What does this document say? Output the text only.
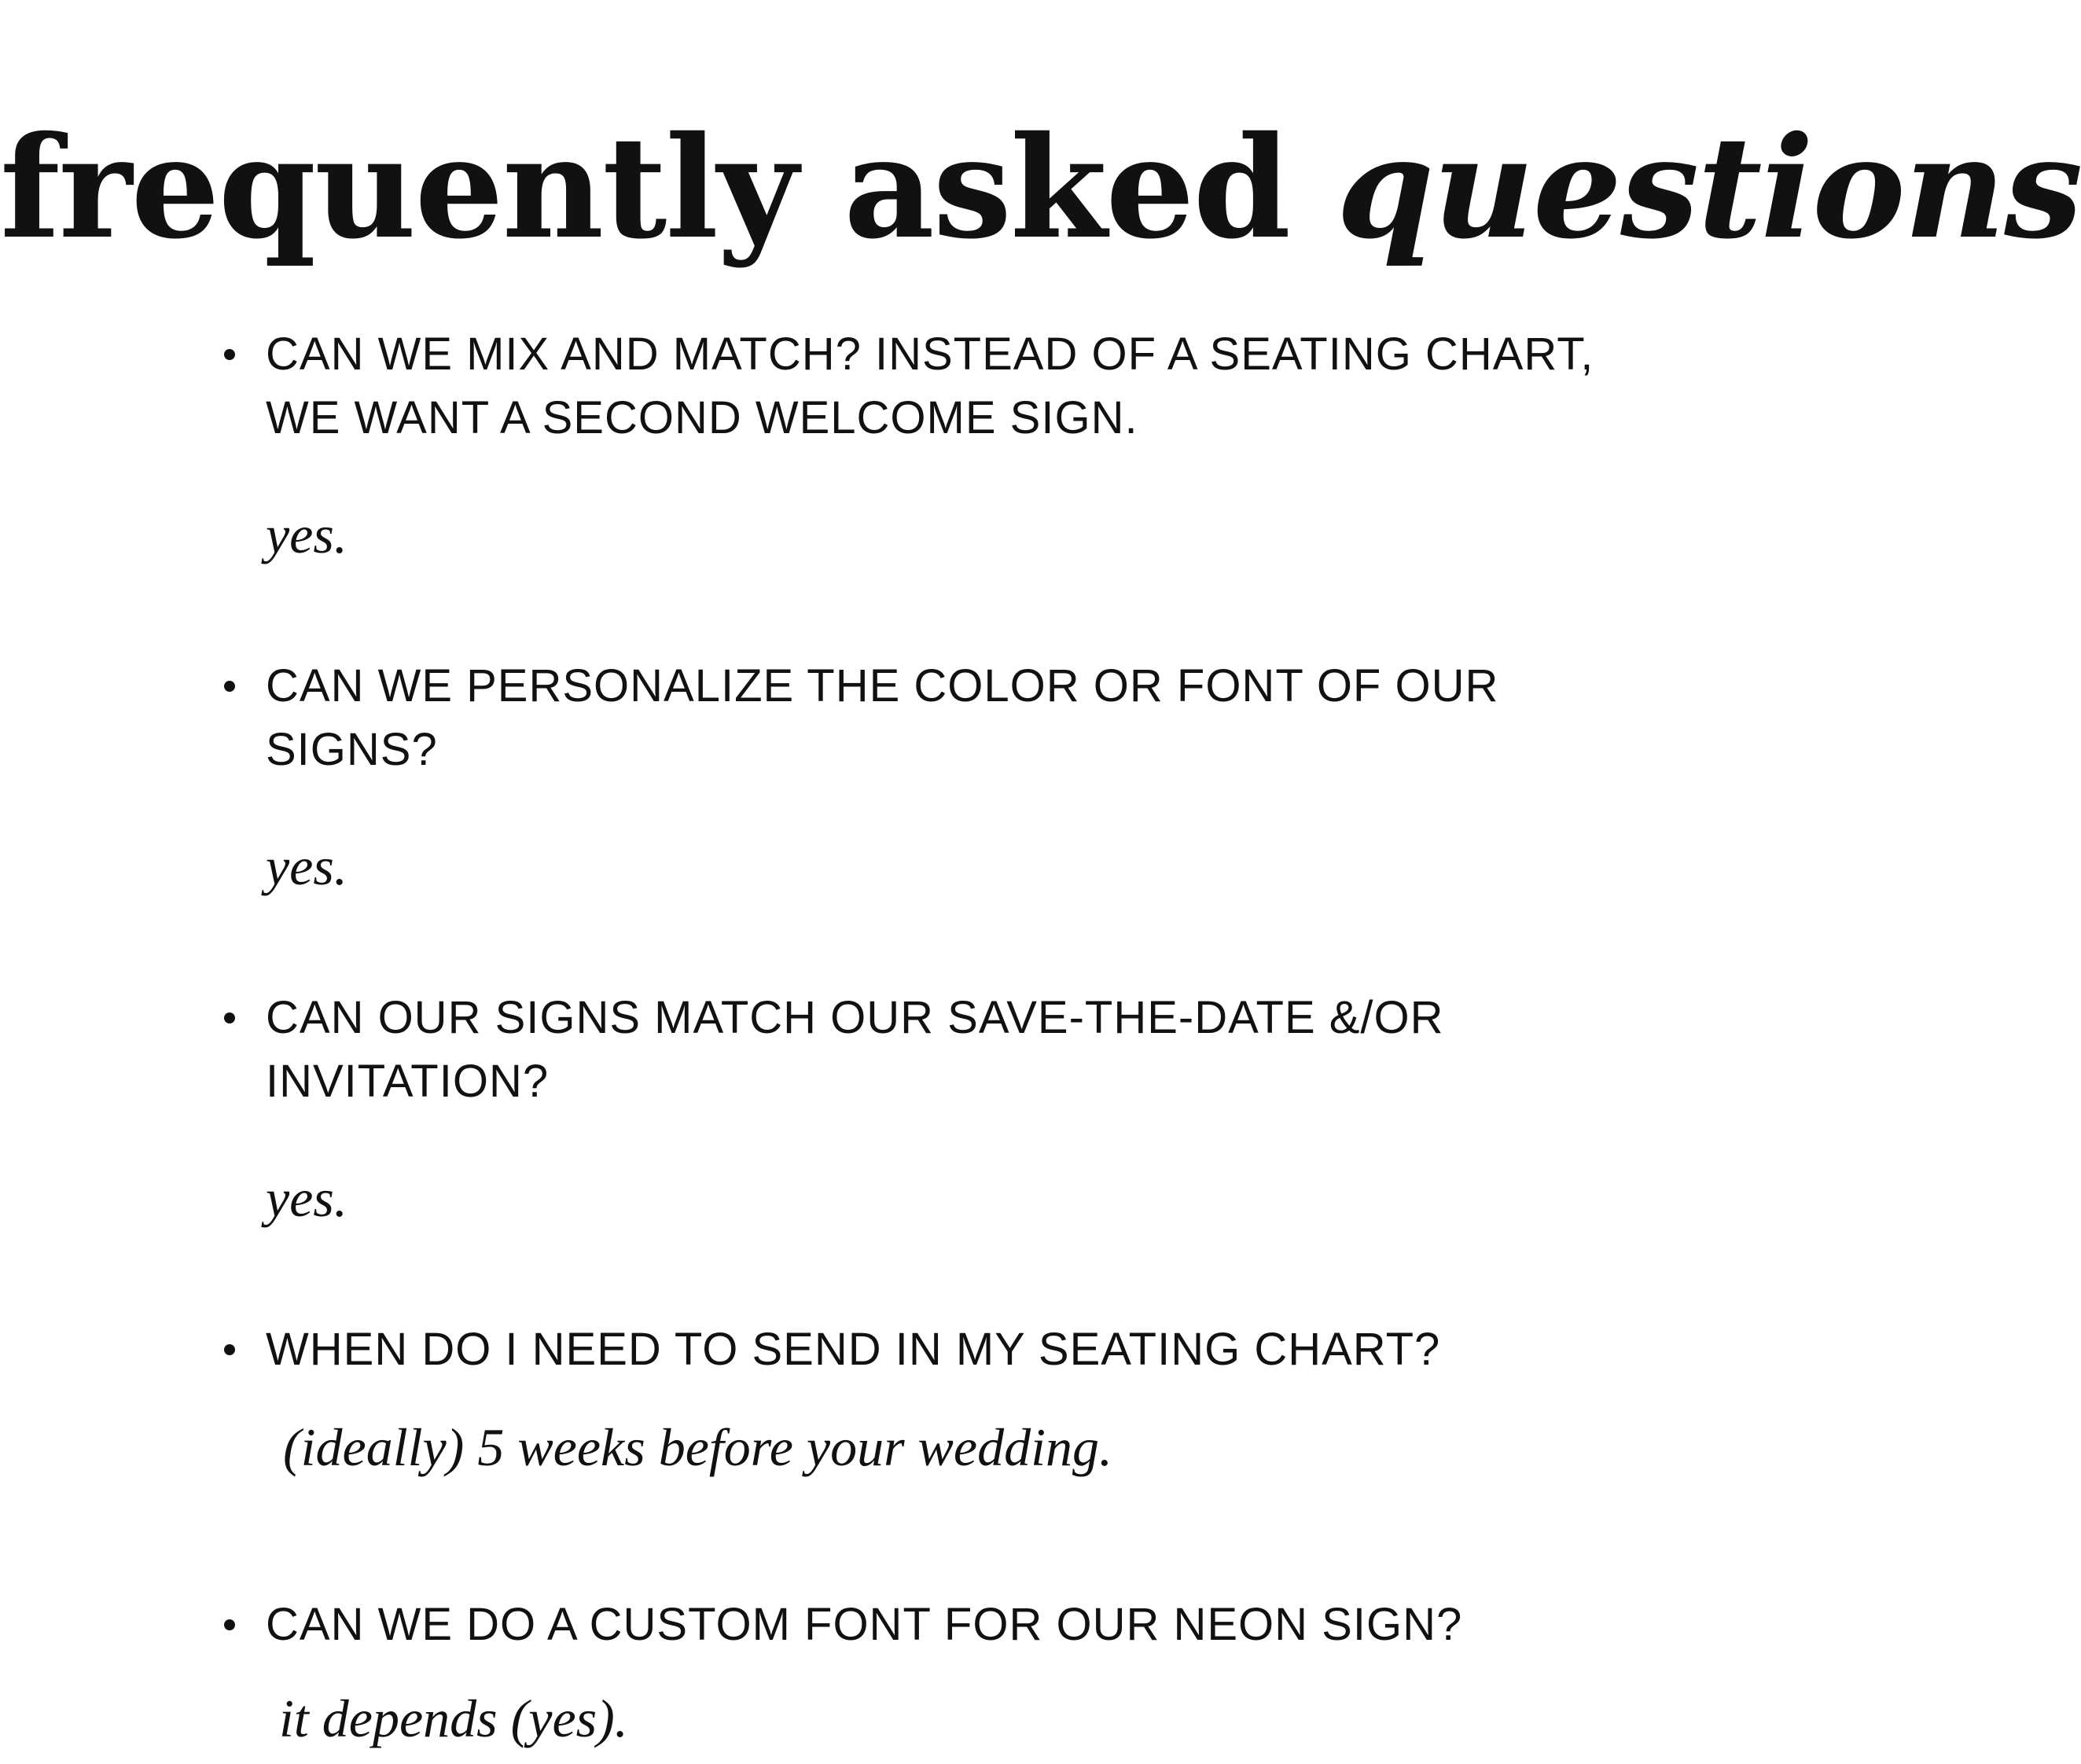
frequently asked questions
CAN WE MIX AND MATCH? INSTEAD OF A SEATING CHART, WE WANT A SECOND WELCOME SIGN.
yes.
CAN WE PERSONALIZE THE COLOR OR FONT OF OUR SIGNS?
yes.
CAN OUR SIGNS MATCH OUR SAVE-THE-DATE &/OR INVITATION?
yes.
WHEN DO I NEED TO SEND IN MY SEATING CHART?
(ideally) 5 weeks before your wedding.
CAN WE DO A CUSTOM FONT FOR OUR NEON SIGN?
it depends (yes).
